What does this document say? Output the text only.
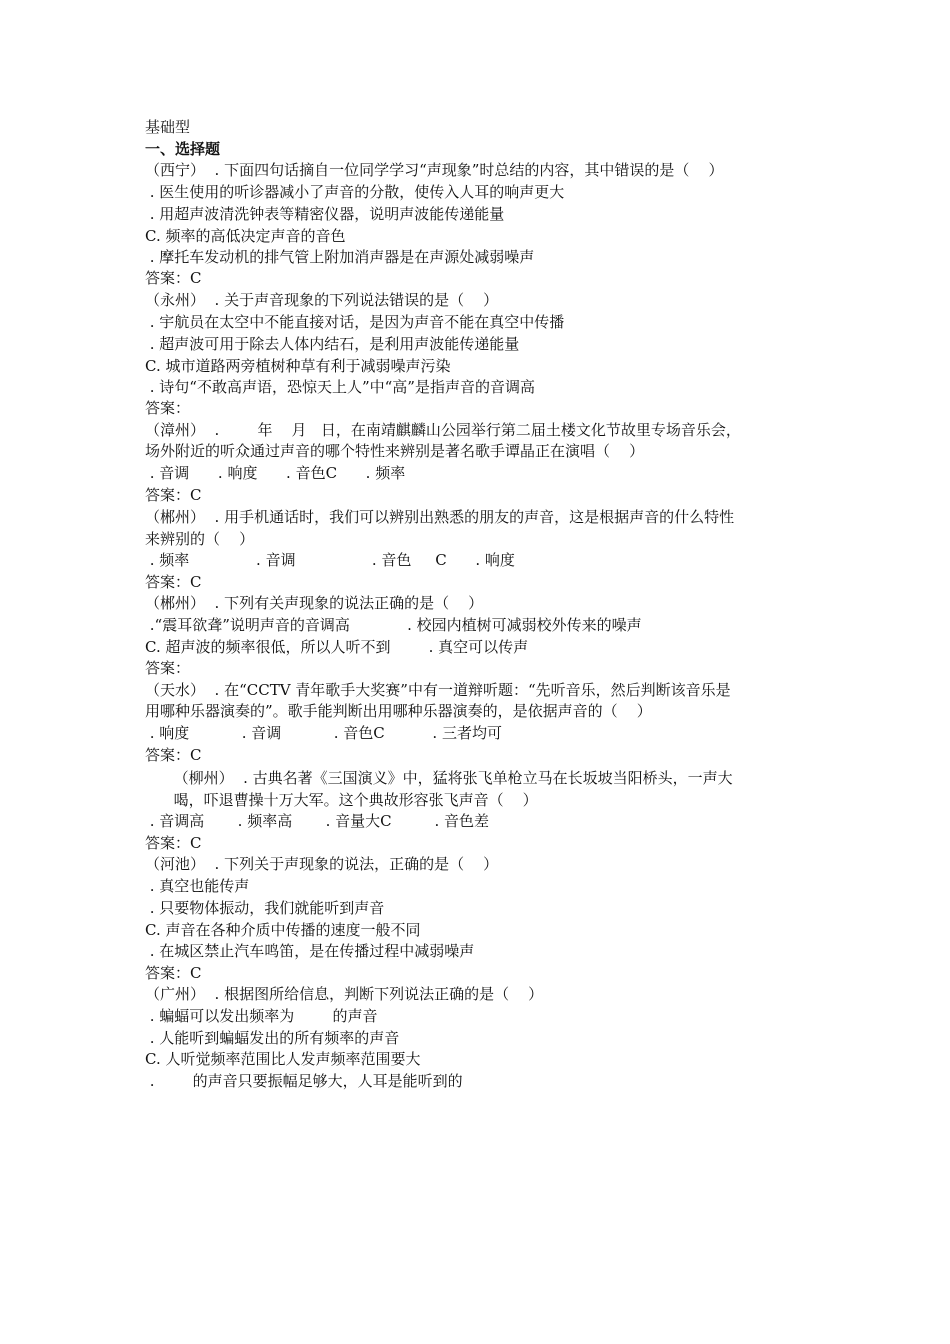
基础型
一、选择题
（西宁）  . 下面四句话摘自一位同学学习“声现象”时总结的内容，其中错误的是（    ）
. 医生使用的听诊器减小了声音的分散，使传入人耳的响声更大
. 用超声波清洗钟表等精密仪器，说明声波能传递能量
C. 频率的高低决定声音的音色
. 摩托车发动机的排气管上附加消声器是在声源处减弱噪声
答案：C
（永州）  . 关于声音现象的下列说法错误的是（    ）
. 宇航员在太空中不能直接对话，是因为声音不能在真空中传播
. 超声波可用于除去人体内结石，是利用声波能传递能量
C. 城市道路两旁植树种草有利于减弱噪声污染
. 诗句“不敢高声语，恐惊天上人”中“高”是指声音的音调高
答案：
（漳州）  .        年    月   日，在南靖麒麟山公园举行第二届土楼文化节故里专场音乐会，
场外附近的听众通过声音的哪个特性来辨别是著名歌手谭晶正在演唱（    ）
. 音调      . 响度      . 音色C      . 频率
答案：C
（郴州）  . 用手机通话时，我们可以辨别出熟悉的朋友的声音，这是根据声音的什么特性
来辨别的（    ）
. 频率              . 音调                . 音色     C      . 响度
答案：C
（郴州）  . 下列有关声现象的说法正确的是（    ）
.“震耳欲聋”说明声音的音调高            . 校园内植树可减弱校外传来的噪声
C. 超声波的频率很低，所以人听不到        . 真空可以传声
答案：
（天水）  . 在“CCTV 青年歌手大奖赛”中有一道辩听题：“先听音乐，然后判断该音乐是
用哪种乐器演奏的”。歌手能判断出用哪种乐器演奏的，是依据声音的（    ）
. 响度           . 音调           . 音色C          . 三者均可
答案：C
（柳州）  . 古典名著《三国演义》中，猛将张飞单枪立马在长坂坡当阳桥头，一声大
喝，吓退曹操十万大军。这个典故形容张飞声音（    ）
. 音调高       . 频率高       . 音量大C         . 音色差
答案：C
（河池）  . 下列关于声现象的说法，正确的是（    ）
. 真空也能传声
. 只要物体振动，我们就能听到声音
C. 声音在各种介质中传播的速度一般不同
. 在城区禁止汽车鸣笛，是在传播过程中减弱噪声
答案：C
（广州）  . 根据图所给信息，判断下列说法正确的是（    ）
. 蝙蝠可以发出频率为        的声音
. 人能听到蝙蝠发出的所有频率的声音
C. 人听觉频率范围比人发声频率范围要大
.        的声音只要振幅足够大，人耳是能听到的
